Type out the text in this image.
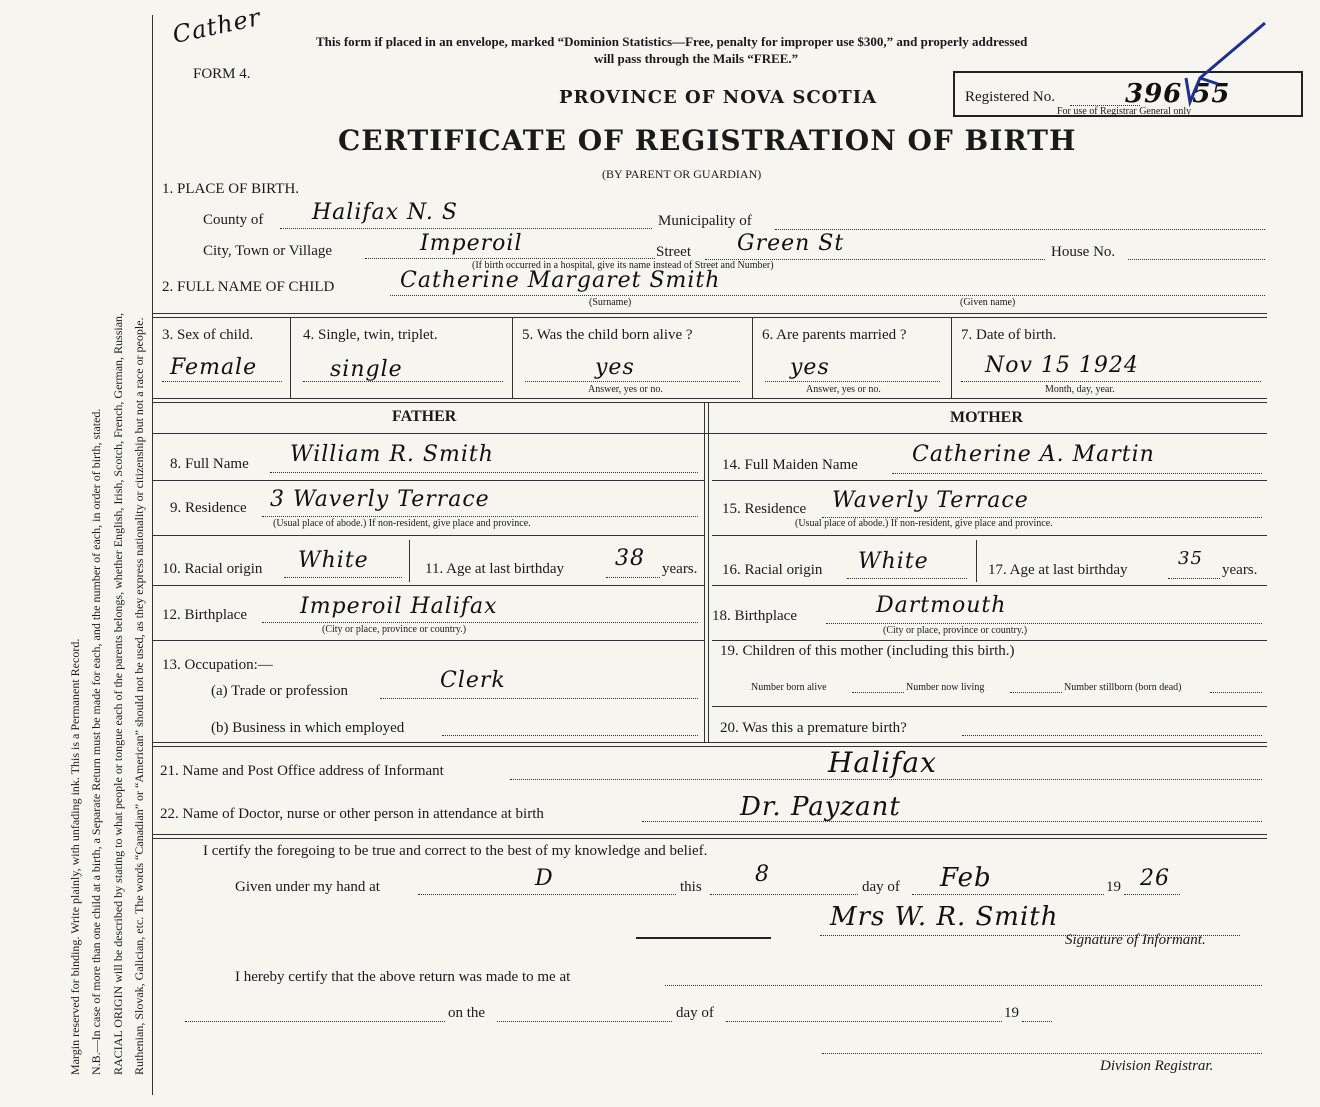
Margin reserved for binding. Write plainly, with unfading ink. This is a Permanent Record. N.B.—In case of more than one child at a birth, a Separate Return must be made for each, and the number of each, in order of birth, stated. RACIAL ORIGIN will be described by stating to what people or tongue each of the parents belongs, whether English, Irish, Scotch, French, German, Russian, Ruthenian, Slovak, Galician, etc. The words “Canadian” or “American” should not be used, as they express nationality or citizenship but not a race or people.
Cather	This form if placed in an envelope, marked “Dominion Statistics—Free, penalty for improper use $300,” and properly addressed
will pass through the Mails “FREE.”
FORM 4.
PROVINCE OF NOVA SCOTIA
CERTIFICATE OF REGISTRATION OF BIRTH
(BY PARENT OR GUARDIAN)
Registered No.	396 55
For use of Registrar General only
1. PLACE OF BIRTH.
County of Halifax N. S	Municipality of
City, Town or Village	Imperoil	Street Green St	House No.
(If birth occurred in a hospital, give its name instead of Street and Number)
2. FULL NAME OF CHILD	Catherine Margaret Smith
(Surname)	(Given name)
3. Sex of child.
Female
4. Single, twin, triplet.
single
5. Was the child born alive ?
yes
Answer, yes or no.
6. Are parents married ?
yes
Answer, yes or no.
7. Date of birth.
Nov 15 1924
Month, day, year.
FATHER	MOTHER
8. Full Name William R. Smith
9. Residence 3 Waverly Terrace
(Usual place of abode.) If non-resident, give place and province.
10. Racial origin White	11. Age at last birthday 38 years.
12. Birthplace Imperoil Halifax
(City or place, province or country.)
13. Occupation:—
(a) Trade or profession	Clerk
(b) Business in which employed
14. Full Maiden Name Catherine A. Martin
15. Residence Waverly Terrace
(Usual place of abode.) If non-resident, give place and province.
16. Racial origin White	17. Age at last birthday
35
years.
18. Birthplace	Dartmouth
(City or place, province or country.)
19. Children of this mother (including this birth.)
Number born alive	Number now living	Number stillborn (born dead)
20. Was this a premature birth?
21. Name and Post Office address of Informant	Halifax
22. Name of Doctor, nurse or other person in attendance at birth	Dr. Payzant
I certify the foregoing to be true and correct to the best of my knowledge and belief.
Given under my hand at	D	this 8	day of Feb	19 26
Mrs W. R. Smith
Signature of Informant.
I hereby certify that the above return was made to me at
on the	day of	19
Division Registrar.
